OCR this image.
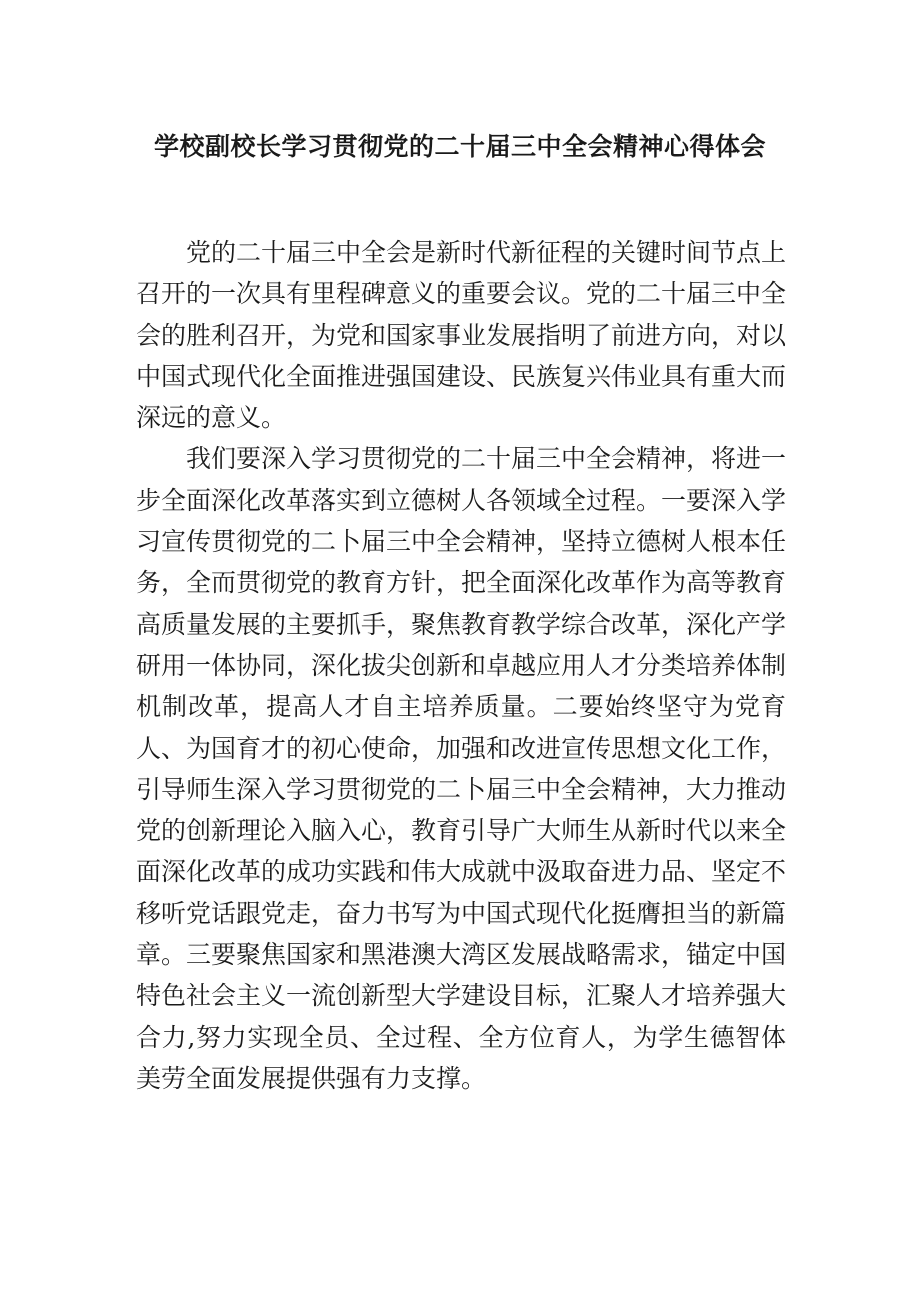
学校副校长学习贯彻党的二十届三中全会精神心得体会

党的二十届三中全会是新时代新征程的关键时间节点上召开的一次具有里程碑意义的重要会议。党的二十届三中全会的胜利召开，为党和国家事业发展指明了前进方向，对以中国式现代化全面推进强国建设、民族复兴伟业具有重大而深远的意义。

我们要深入学习贯彻党的二十届三中全会精神，将进一步全面深化改革落实到立德树人各领域全过程。一要深入学习宣传贯彻党的二卜届三中全会精神，坚持立德树人根本任务，全而贯彻党的教育方针，把全面深化改革作为高等教育高质量发展的主要抓手，聚焦教育教学综合改革，深化产学研用一体协同，深化拔尖创新和卓越应用人才分类培养体制机制改革，提高人才自主培养质量。二要始终坚守为党育人、为国育才的初心使命，加强和改进宣传思想文化工作，引导师生深入学习贯彻党的二卜届三中全会精神，大力推动党的创新理论入脑入心，教育引导广大师生从新时代以来全面深化改革的成功实践和伟大成就中汲取奋进力品、坚定不移听党话跟党走，奋力书写为中国式现代化挺膺担当的新篇章。三要聚焦国家和黑港澳大湾区发展战略需求，锚定中国特色社会主义一流创新型大学建设目标，汇聚人才培养强大合力,努力实现全员、全过程、全方位育人，为学生德智体美劳全面发展提供强有力支撑。
